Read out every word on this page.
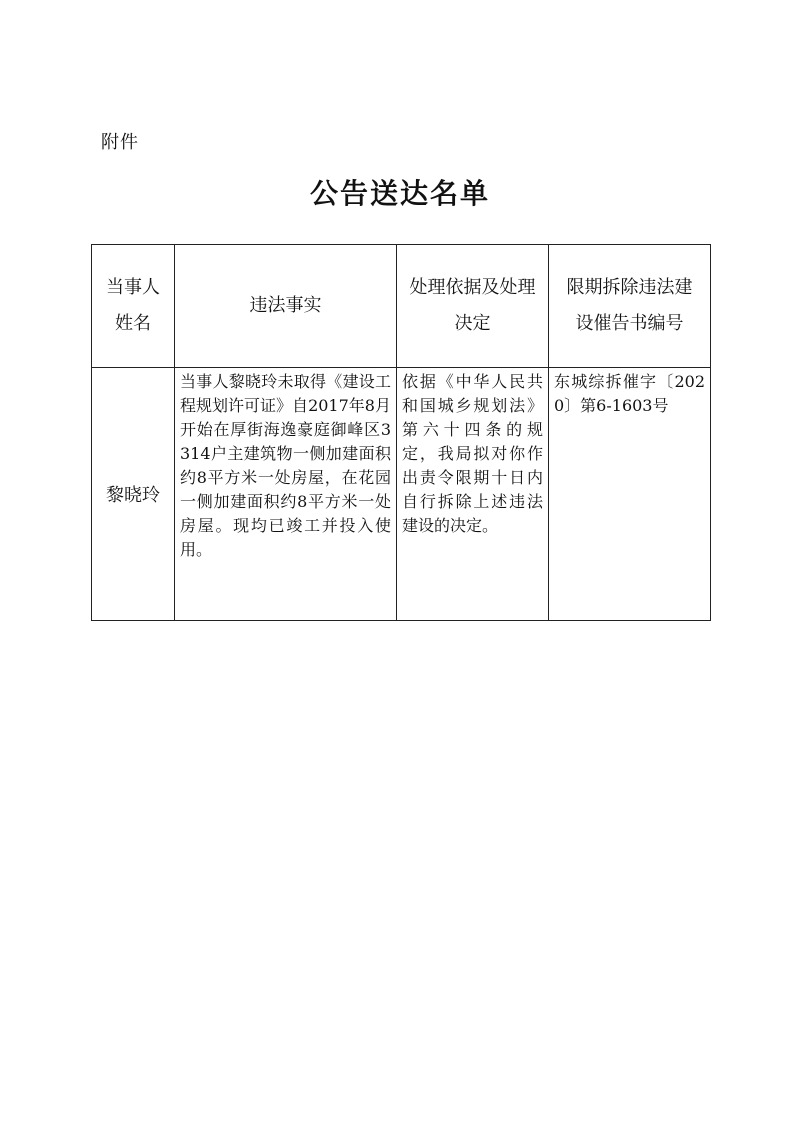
附件
公告送达名单
当事人姓名	违法事实	处理依据及处理决定	限期拆除违法建设催告书编号
黎晓玲	当事人黎晓玲未取得《建设工程规划许可证》自2017年8月开始在厚街海逸豪庭御峰区3314户主建筑物一侧加建面积约8平方米一处房屋，在花园一侧加建面积约8平方米一处房屋。现均已竣工并投入使用。	依据《中华人民共和国城乡规划法》第六十四条的规定，我局拟对你作出责令限期十日内自行拆除上述违法建设的决定。	东城综拆催字〔2020〕第6-1603号
